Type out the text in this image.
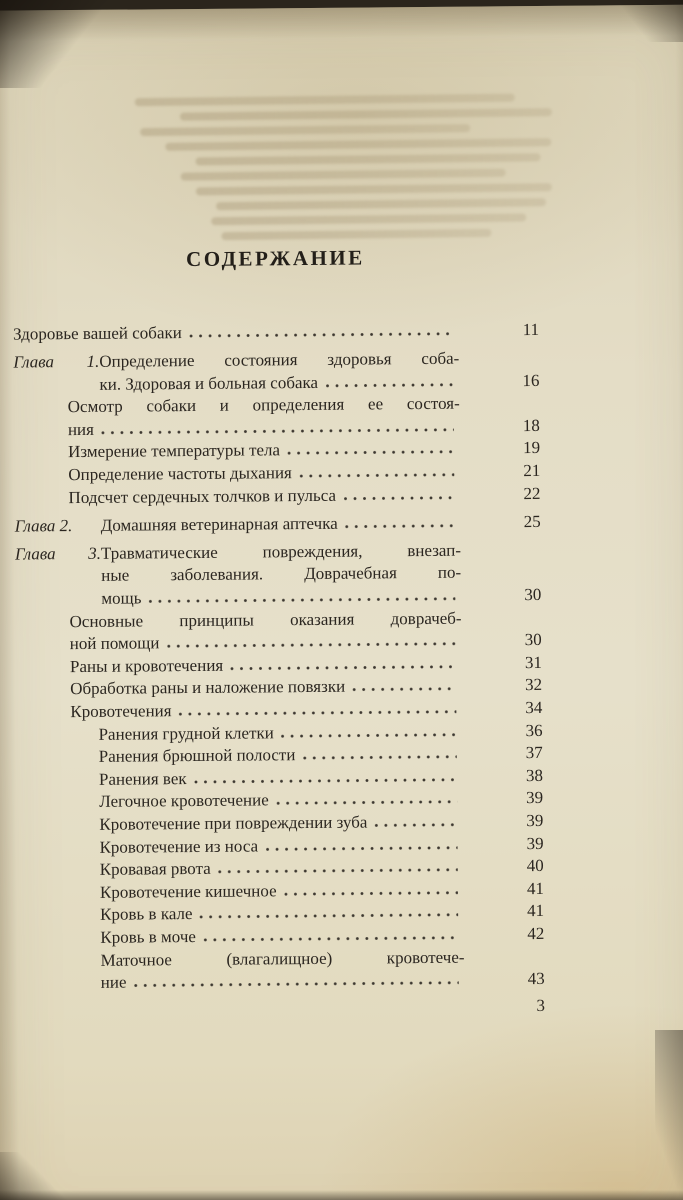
СОДЕРЖАНИЕ
Здоровье вашей собаки	11
Глава 1.Определение состояния здоровья соба-
ки. Здоровая и больная собака	16
Осмотр собаки и определения ее состоя-
ния	18
Измерение температуры тела	19
Определение частоты дыхания	21
Подсчет сердечных толчков и пульса	22
Глава 2.	Домашняя ветеринарная аптечка	25
Глава 3.Травматические повреждения, внезап-
ные заболевания. Доврачебная по-
мощь	30
Основные принципы оказания доврачеб-
ной помощи	30
Раны и кровотечения	31
Обработка раны и наложение повязки	32
Кровотечения	34
Ранения грудной клетки	36
Ранения брюшной полости	37
Ранения век	38
Легочное кровотечение	39
Кровотечение при повреждении зуба	39
Кровотечение из носа	39
Кровавая рвота	40
Кровотечение кишечное	41
Кровь в кале	41
Кровь в моче	42
Маточное (влагалищное) кровотече-
ние	43
3
